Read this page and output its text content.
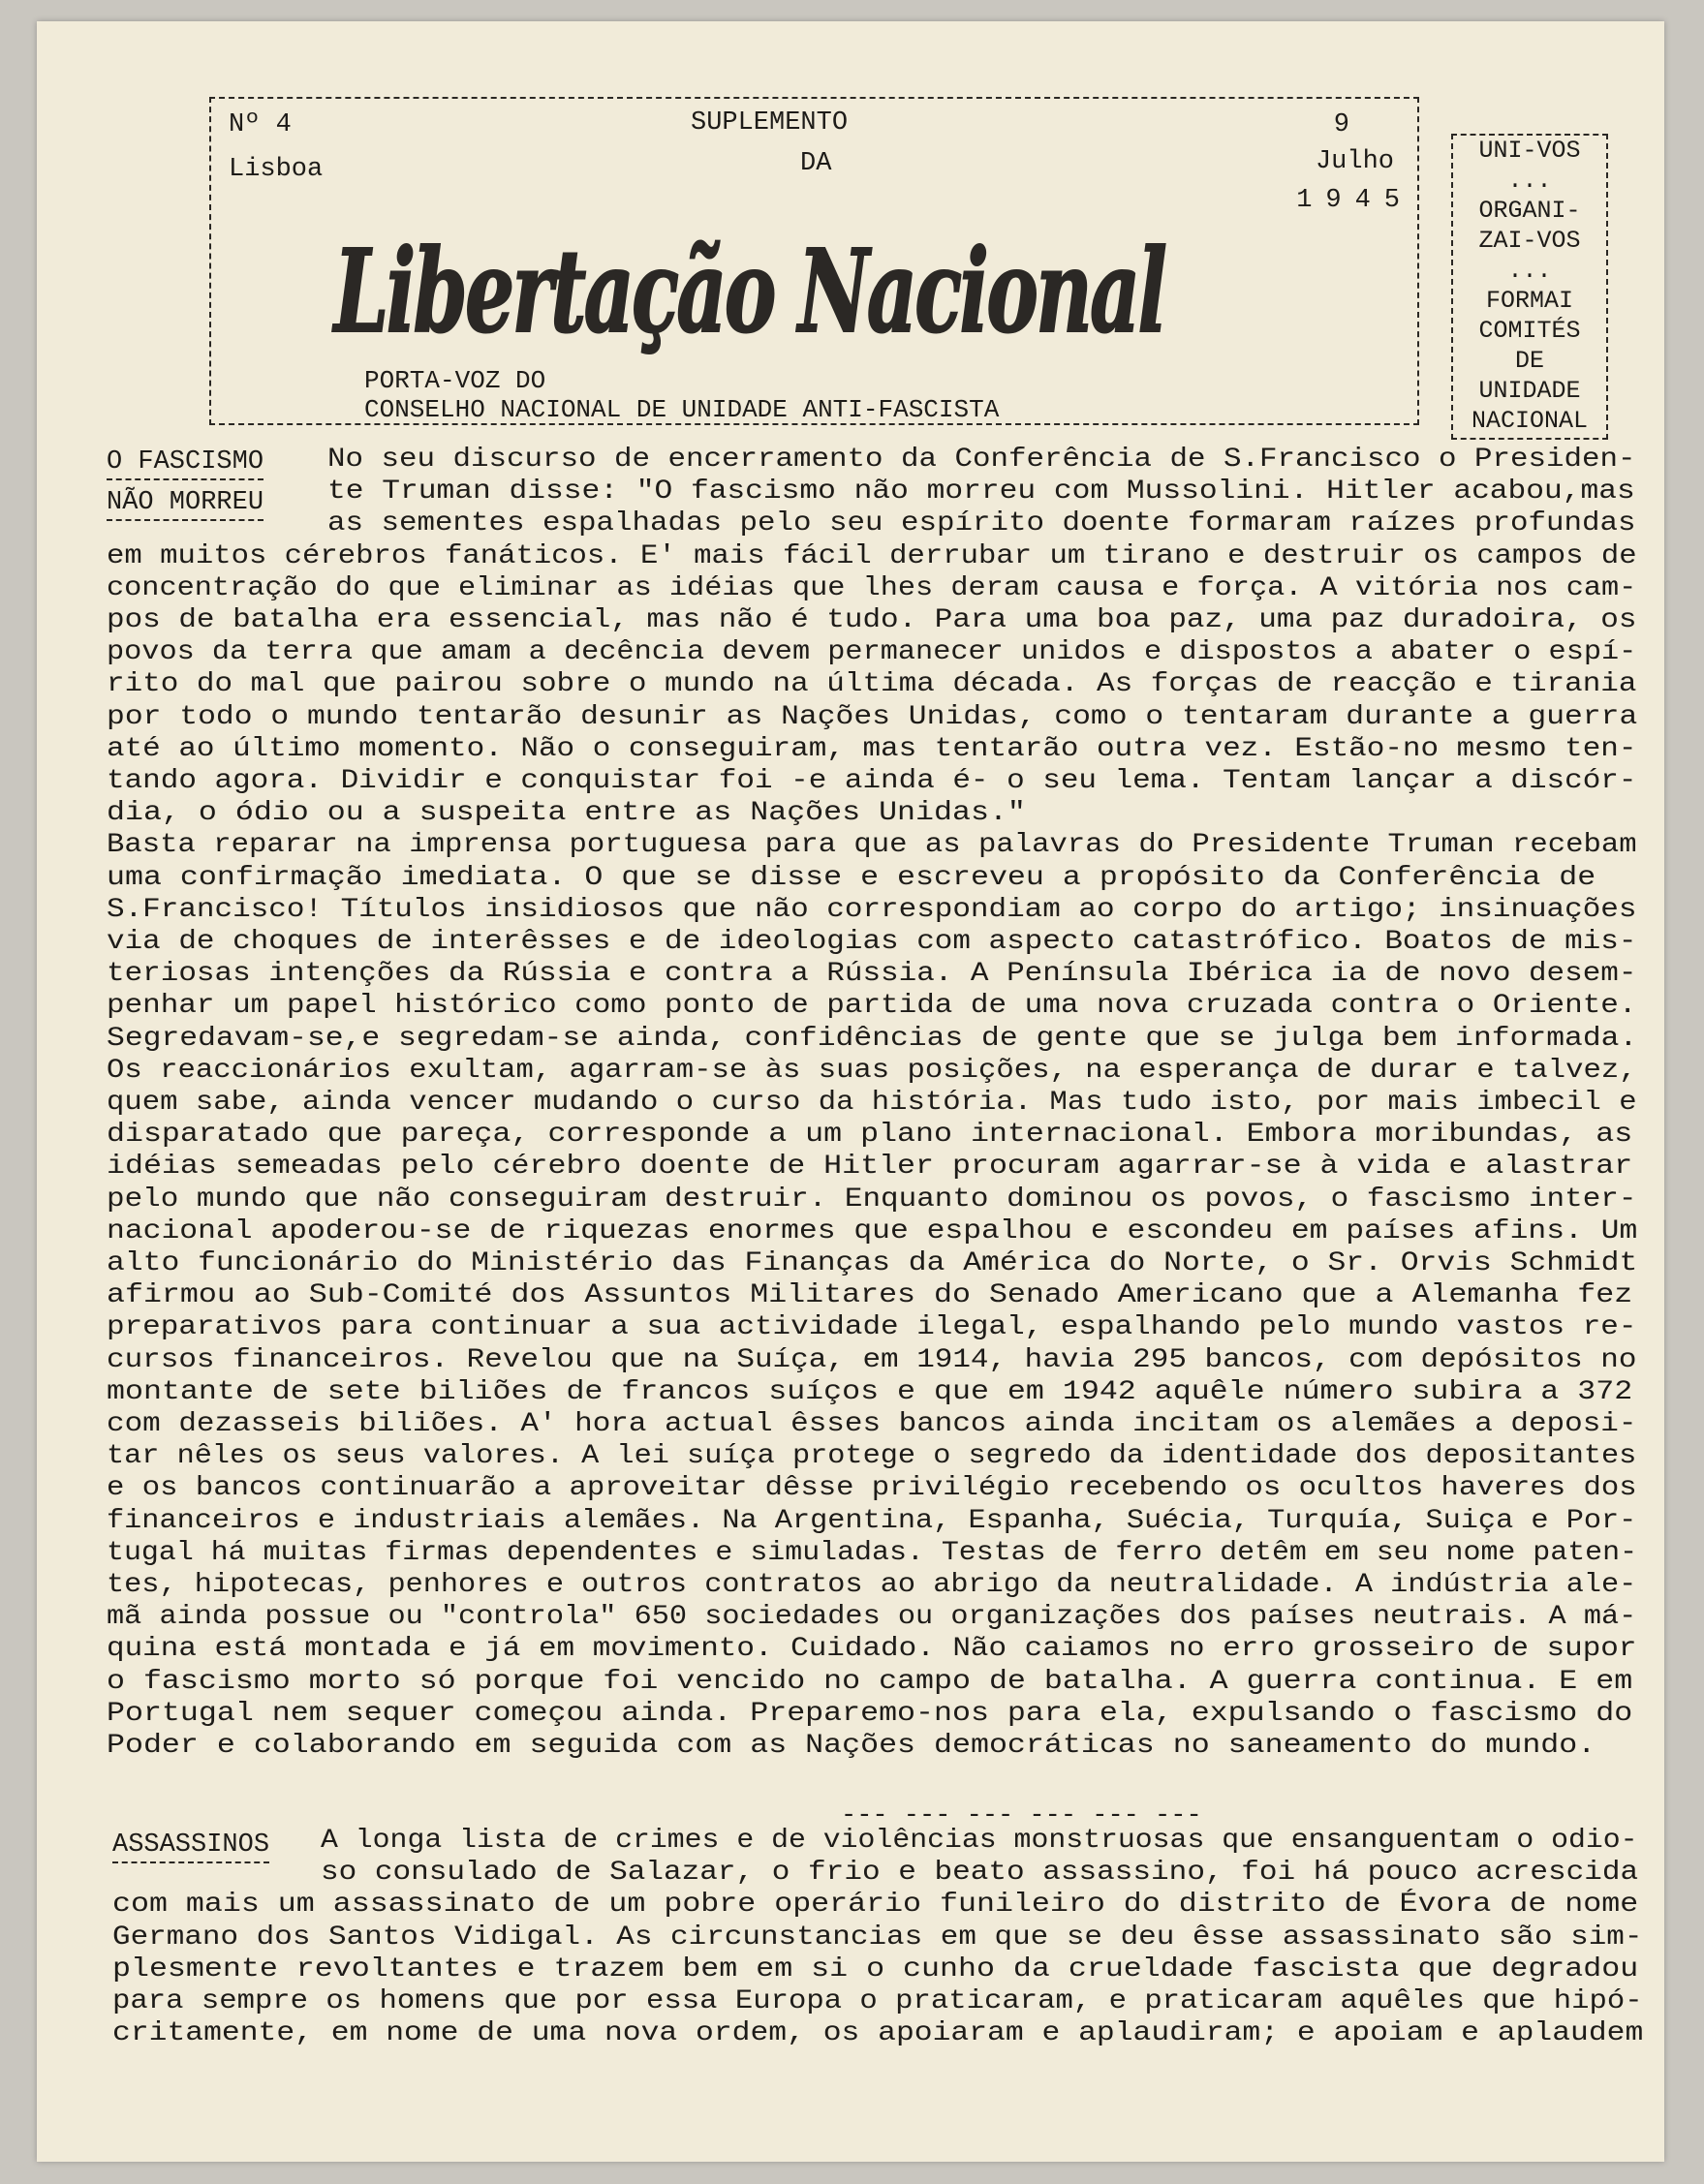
Nº 4
Lisboa
SUPLEMENTO
DA
9
Julho
1945
Libertação Nacional
PORTA-VOZ DO
CONSELHO NACIONAL DE UNIDADE ANTI-FASCISTA
UNI-VOS
...
ORGANI-
ZAI-VOS
...
FORMAI
COMITÉS
DE
UNIDADE
NACIONAL
O FASCISMO
NÃO MORREU
No seu discurso de encerramento da Conferência de S.Francisco o Presiden-
te Truman disse: "O fascismo não morreu com Mussolini. Hitler acabou,mas
as sementes espalhadas pelo seu espírito doente formaram raízes profundas
em muitos cérebros fanáticos. E' mais fácil derrubar um tirano e destruir os campos de
concentração do que eliminar as idéias que lhes deram causa e força. A vitória nos cam-
pos de batalha era essencial, mas não é tudo. Para uma boa paz, uma paz duradoira, os
povos da terra que amam a decência devem permanecer unidos e dispostos a abater o espí-
rito do mal que pairou sobre o mundo na última década. As forças de reacção e tirania
por todo o mundo tentarão desunir as Nações Unidas, como o tentaram durante a guerra
até ao último momento. Não o conseguiram, mas tentarão outra vez. Estão-no mesmo ten-
tando agora. Dividir e conquistar foi -e ainda é- o seu lema. Tentam lançar a discór-
dia, o ódio ou a suspeita entre as Nações Unidas."
Basta reparar na imprensa portuguesa para que as palavras do Presidente Truman recebam
uma confirmação imediata. O que se disse e escreveu a propósito da Conferência de
S.Francisco! Títulos insidiosos que não correspondiam ao corpo do artigo; insinuações
via de choques de interêsses e de ideologias com aspecto catastrófico. Boatos de mis-
teriosas intenções da Rússia e contra a Rússia. A Península Ibérica ia de novo desem-
penhar um papel histórico como ponto de partida de uma nova cruzada contra o Oriente.
Segredavam-se,e segredam-se ainda, confidências de gente que se julga bem informada.
Os reaccionários exultam, agarram-se às suas posições, na esperança de durar e talvez,
quem sabe, ainda vencer mudando o curso da história. Mas tudo isto, por mais imbecil e
disparatado que pareça, corresponde a um plano internacional. Embora moribundas, as
idéias semeadas pelo cérebro doente de Hitler procuram agarrar-se à vida e alastrar
pelo mundo que não conseguiram destruir. Enquanto dominou os povos, o fascismo inter-
nacional apoderou-se de riquezas enormes que espalhou e escondeu em países afins. Um
alto funcionário do Ministério das Finanças da América do Norte, o Sr. Orvis Schmidt
afirmou ao Sub-Comité dos Assuntos Militares do Senado Americano que a Alemanha fez
preparativos para continuar a sua actividade ilegal, espalhando pelo mundo vastos re-
cursos financeiros. Revelou que na Suíça, em 1914, havia 295 bancos, com depósitos no
montante de sete biliões de francos suíços e que em 1942 aquêle número subira a 372
com dezasseis biliões. A' hora actual êsses bancos ainda incitam os alemães a deposi-
tar nêles os seus valores. A lei suíça protege o segredo da identidade dos depositantes
e os bancos continuarão a aproveitar dêsse privilégio recebendo os ocultos haveres dos
financeiros e industriais alemães. Na Argentina, Espanha, Suécia, Turquía, Suiça e Por-
tugal há muitas firmas dependentes e simuladas. Testas de ferro detêm em seu nome paten-
tes, hipotecas, penhores e outros contratos ao abrigo da neutralidade. A indústria ale-
mã ainda possue ou "controla" 650 sociedades ou organizações dos países neutrais. A má-
quina está montada e já em movimento. Cuidado. Não caiamos no erro grosseiro de supor
o fascismo morto só porque foi vencido no campo de batalha. A guerra continua. E em
Portugal nem sequer começou ainda. Preparemo-nos para ela, expulsando o fascismo do
Poder e colaborando em seguida com as Nações democráticas no saneamento do mundo.
--- --- --- --- --- ---
ASSASSINOS A longa lista de crimes e de violências monstruosas que ensanguentam o odio-
so consulado de Salazar, o frio e beato assassino, foi há pouco acrescida
com mais um assassinato de um pobre operário funileiro do distrito de Évora de nome
Germano dos Santos Vidigal. As circunstancias em que se deu êsse assassinato são sim-
plesmente revoltantes e trazem bem em si o cunho da crueldade fascista que degradou
para sempre os homens que por essa Europa o praticaram, e praticaram aquêles que hipó-
critamente, em nome de uma nova ordem, os apoiaram e aplaudiram; e apoiam e aplaudem
